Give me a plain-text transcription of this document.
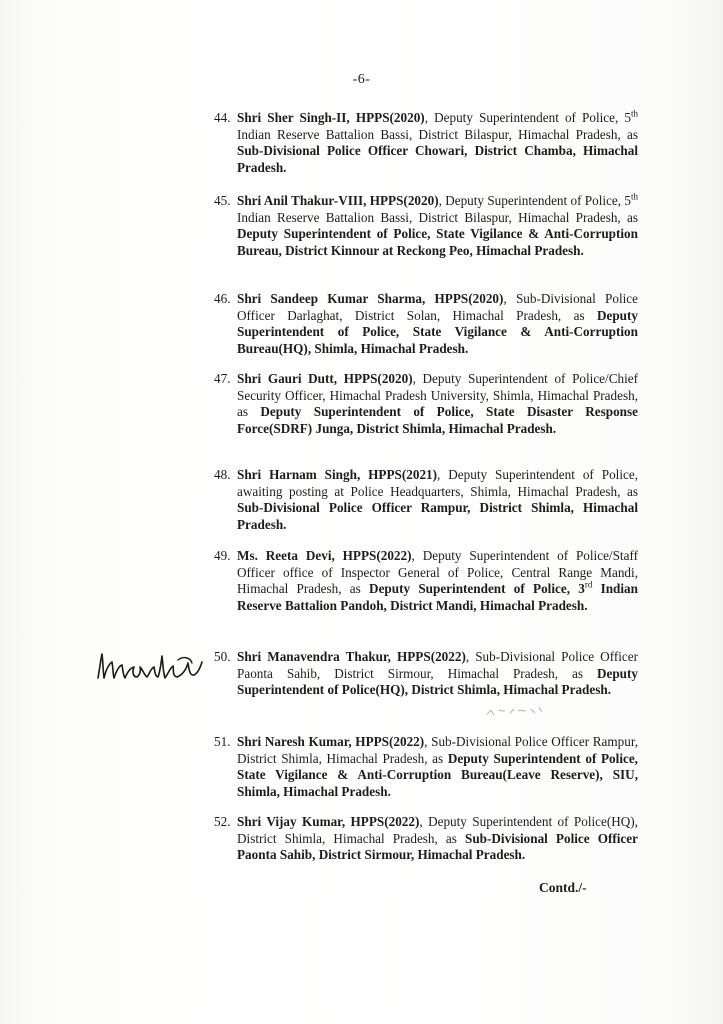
-6-
44. Shri Sher Singh-II, HPPS(2020), Deputy Superintendent of Police, 5th Indian Reserve Battalion Bassi, District Bilaspur, Himachal Pradesh, as Sub-Divisional Police Officer Chowari, District Chamba, Himachal Pradesh.
45. Shri Anil Thakur-VIII, HPPS(2020), Deputy Superintendent of Police, 5th Indian Reserve Battalion Bassi, District Bilaspur, Himachal Pradesh, as Deputy Superintendent of Police, State Vigilance & Anti-Corruption Bureau, District Kinnour at Reckong Peo, Himachal Pradesh.
46. Shri Sandeep Kumar Sharma, HPPS(2020), Sub-Divisional Police Officer Darlaghat, District Solan, Himachal Pradesh, as Deputy Superintendent of Police, State Vigilance & Anti-Corruption Bureau(HQ), Shimla, Himachal Pradesh.
47. Shri Gauri Dutt, HPPS(2020), Deputy Superintendent of Police/Chief Security Officer, Himachal Pradesh University, Shimla, Himachal Pradesh, as Deputy Superintendent of Police, State Disaster Response Force(SDRF) Junga, District Shimla, Himachal Pradesh.
48. Shri Harnam Singh, HPPS(2021), Deputy Superintendent of Police, awaiting posting at Police Headquarters, Shimla, Himachal Pradesh, as Sub-Divisional Police Officer Rampur, District Shimla, Himachal Pradesh.
49. Ms. Reeta Devi, HPPS(2022), Deputy Superintendent of Police/Staff Officer office of Inspector General of Police, Central Range Mandi, Himachal Pradesh, as Deputy Superintendent of Police, 3rd Indian Reserve Battalion Pandoh, District Mandi, Himachal Pradesh.
50. Shri Manavendra Thakur, HPPS(2022), Sub-Divisional Police Officer Paonta Sahib, District Sirmour, Himachal Pradesh, as Deputy Superintendent of Police(HQ), District Shimla, Himachal Pradesh.
51. Shri Naresh Kumar, HPPS(2022), Sub-Divisional Police Officer Rampur, District Shimla, Himachal Pradesh, as Deputy Superintendent of Police, State Vigilance & Anti-Corruption Bureau(Leave Reserve), SIU, Shimla, Himachal Pradesh.
52. Shri Vijay Kumar, HPPS(2022), Deputy Superintendent of Police(HQ), District Shimla, Himachal Pradesh, as Sub-Divisional Police Officer Paonta Sahib, District Sirmour, Himachal Pradesh.
Contd./-
